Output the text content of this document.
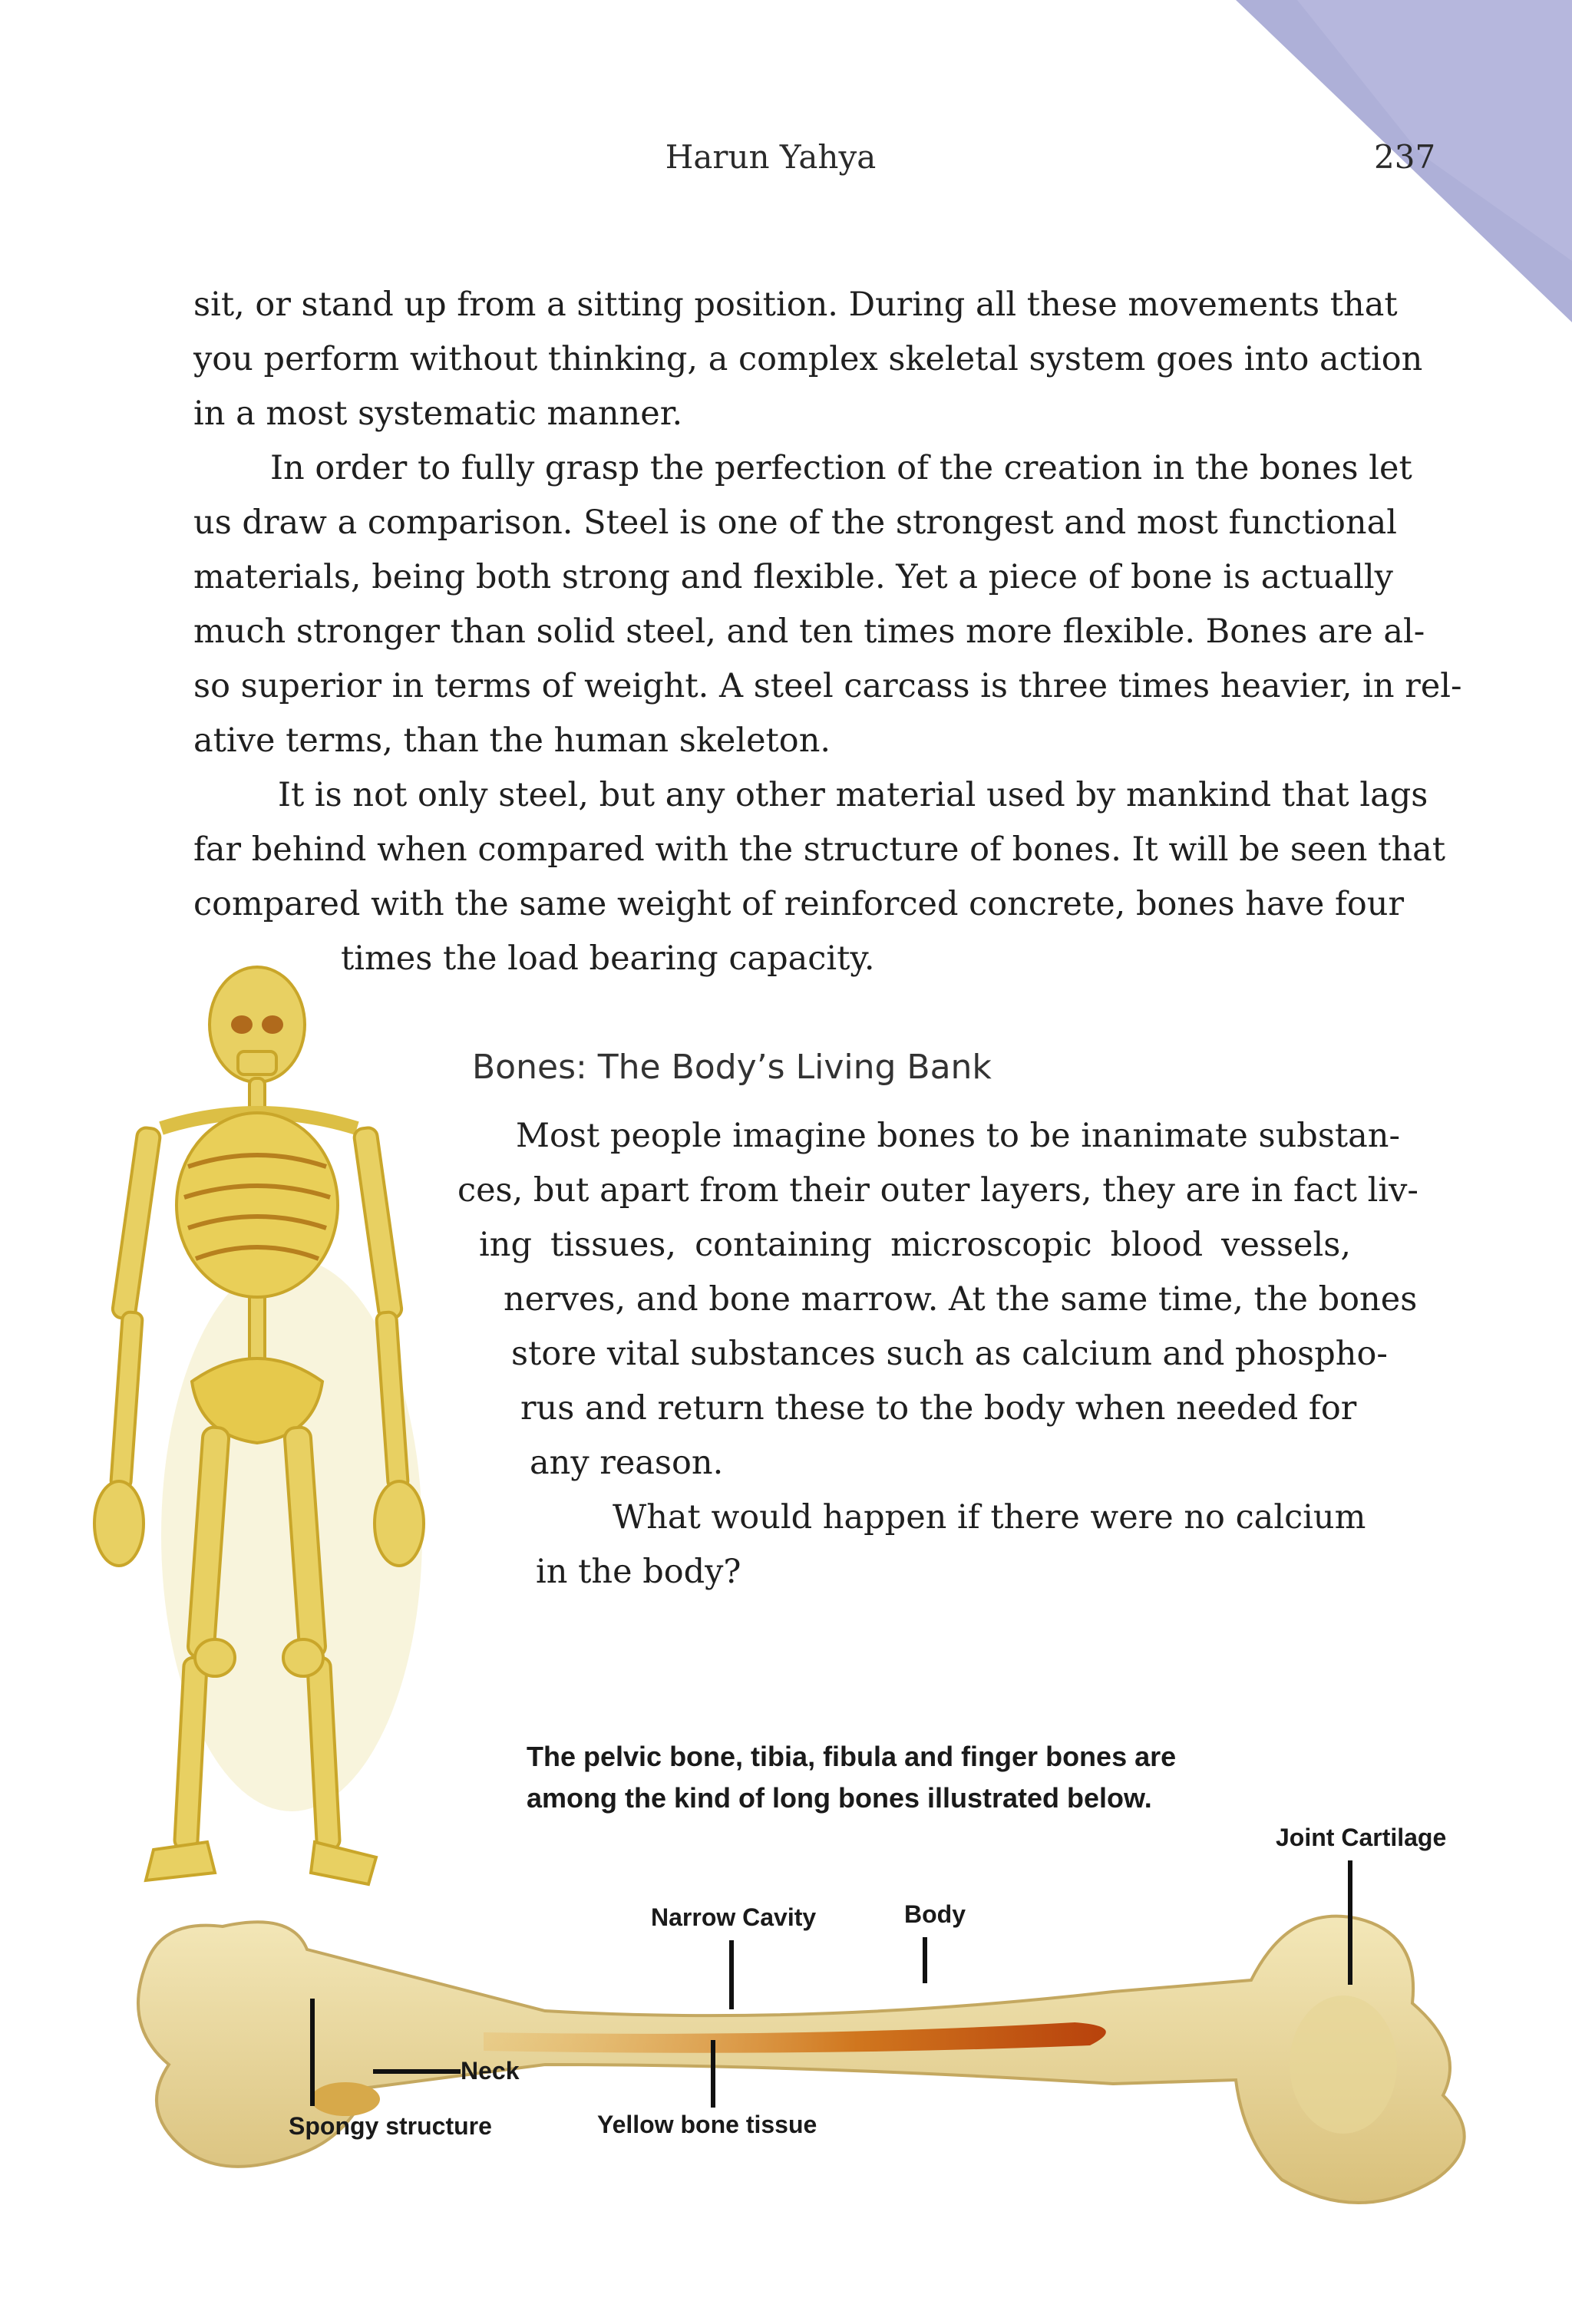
Harun Yahya	237
sit, or stand up from a sitting position. During all these movements that
you perform without thinking, a complex skeletal system goes into action
in a most systematic manner.
In order to fully grasp the perfection of the creation in the bones let
us draw a comparison. Steel is one of the strongest and most functional
materials, being both strong and flexible. Yet a piece of bone is actually
much stronger than solid steel, and ten times more flexible. Bones are al-
so superior in terms of weight. A steel carcass is three times heavier, in rel-
ative terms, than the human skeleton.
It is not only steel, but any other material used by mankind that lags
far behind when compared with the structure of bones. It will be seen that
compared with the same weight of reinforced concrete, bones have four
times the load bearing capacity.
Bones: The Body’s Living Bank
Most people imagine bones to be inanimate substan-
ces, but apart from their outer layers, they are in fact liv-
ing tissues, containing microscopic blood vessels,
nerves, and bone marrow. At the same time, the bones
store vital substances such as calcium and phospho-
rus and return these to the body when needed for
any reason.
What would happen if there were no calcium
in the body?
The pelvic bone, tibia, fibula and finger bones are
among the kind of long bones illustrated below.
Joint Cartilage
Narrow Cavity	Body
Spongy structure
Neck
Yellow bone tissue
